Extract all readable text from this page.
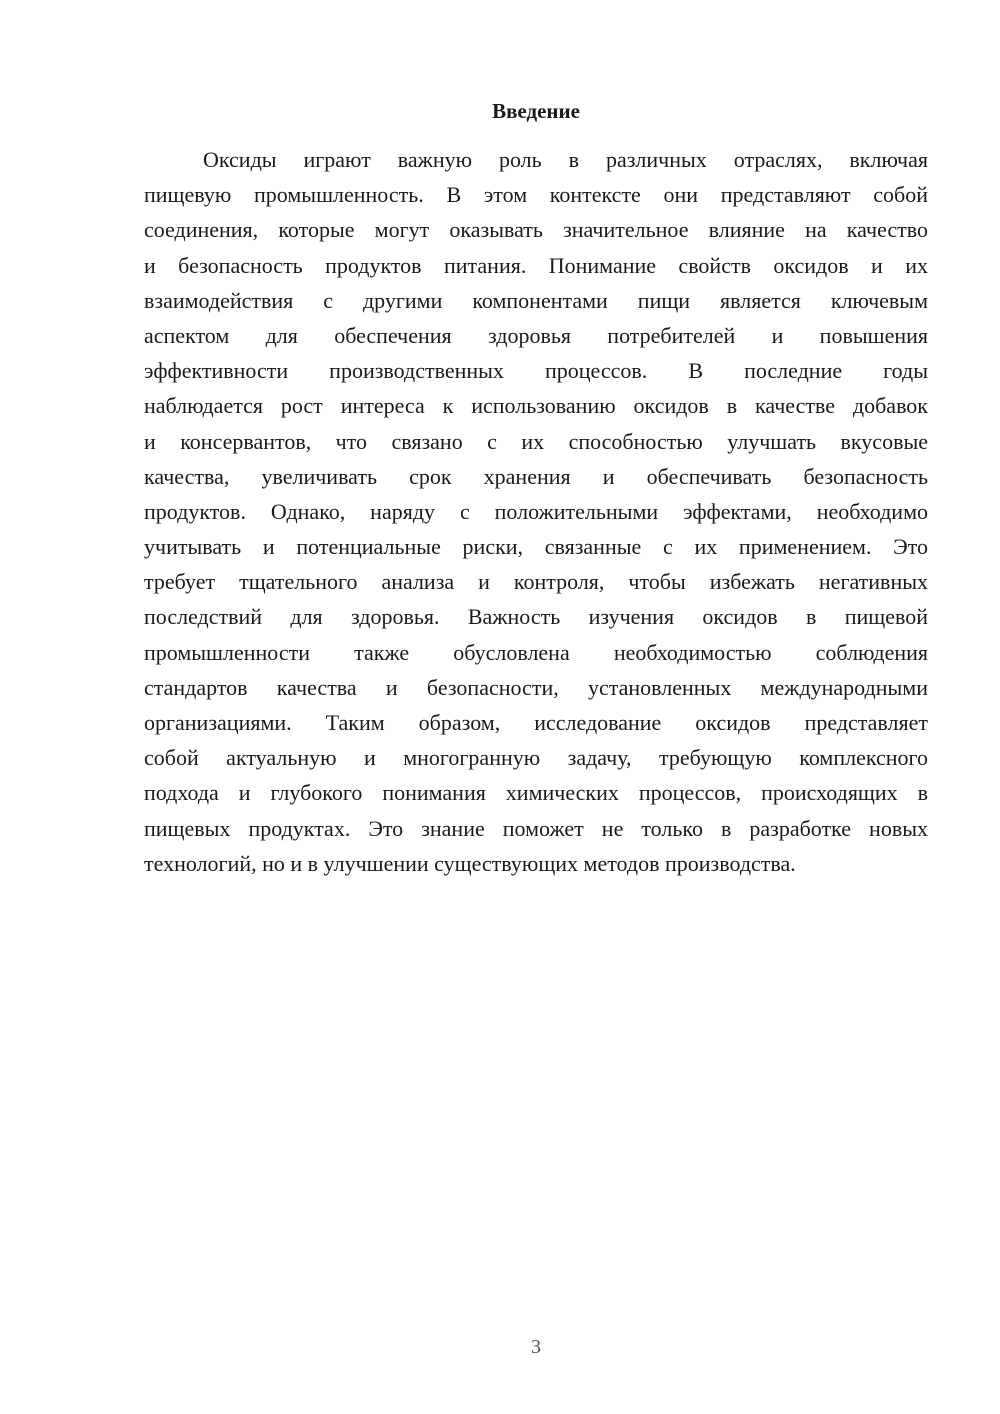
Введение
Оксиды играют важную роль в различных отраслях, включая
пищевую промышленность. В этом контексте они представляют собой
соединения, которые могут оказывать значительное влияние на качество
и безопасность продуктов питания. Понимание свойств оксидов и их
взаимодействия с другими компонентами пищи является ключевым
аспектом для обеспечения здоровья потребителей и повышения
эффективности производственных процессов. В последние годы
наблюдается рост интереса к использованию оксидов в качестве добавок
и консервантов, что связано с их способностью улучшать вкусовые
качества, увеличивать срок хранения и обеспечивать безопасность
продуктов. Однако, наряду с положительными эффектами, необходимо
учитывать и потенциальные риски, связанные с их применением. Это
требует тщательного анализа и контроля, чтобы избежать негативных
последствий для здоровья. Важность изучения оксидов в пищевой
промышленности также обусловлена необходимостью соблюдения
стандартов качества и безопасности, установленных международными
организациями. Таким образом, исследование оксидов представляет
собой актуальную и многогранную задачу, требующую комплексного
подхода и глубокого понимания химических процессов, происходящих в
пищевых продуктах. Это знание поможет не только в разработке новых
технологий, но и в улучшении существующих методов производства.
3
